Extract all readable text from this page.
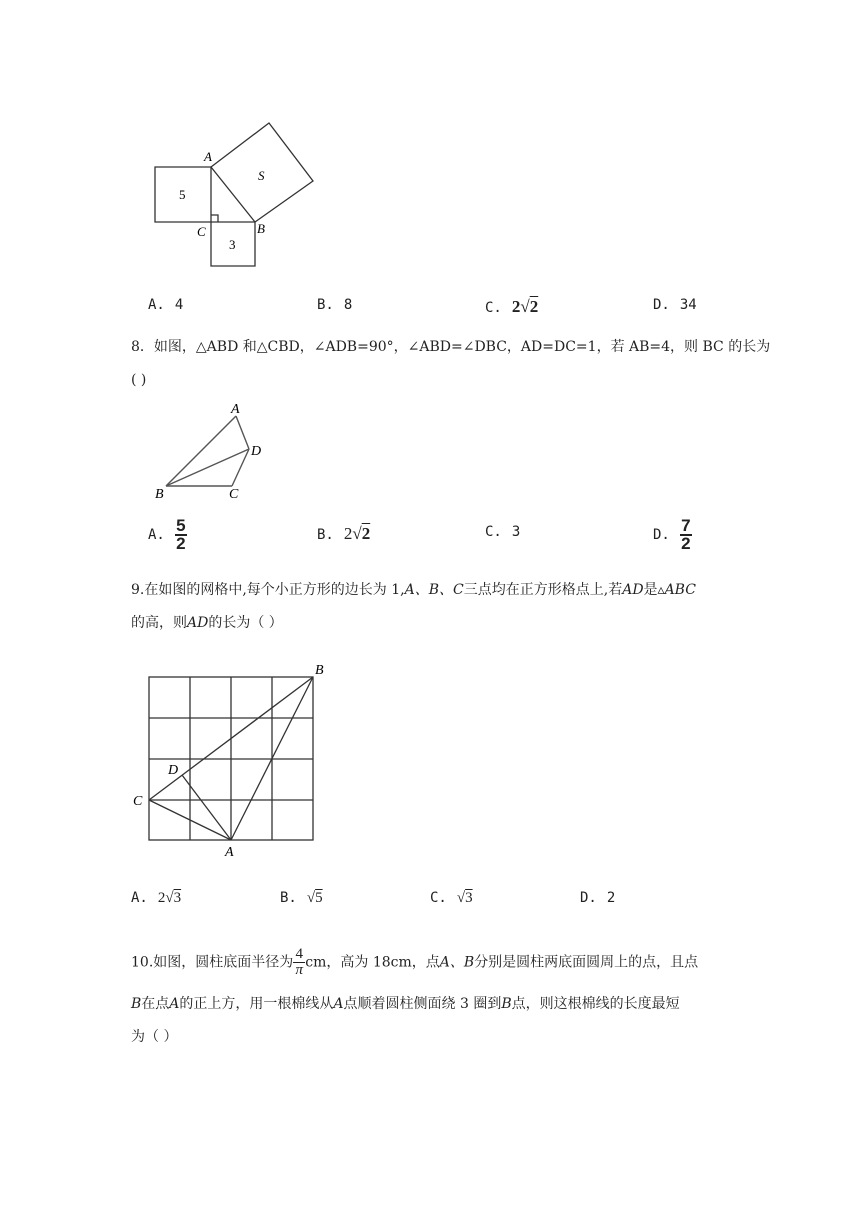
A
C	B
5
3
S
A. 4	B. 8	C. 2√2	D. 34
8．如图，△ABD 和△CBD，∠ADB=90°，∠ABD=∠DBC，AD=DC=1，若 AB=4，则 BC 的长为
( )
A
D
B	C
A. $\frac{5}{2}$	B. 2√2	C. 3	D. $\frac{7}{2}$
9.在如图的网格中,每个小正方形的边长为 1,A、B、C三点均在正方形格点上,若AD是▵ABC
的高，则AD的长为（ ）
B
D
C
A
A. 2√3	B. √5	C. √3	D. 2
10.如图，圆柱底面半径为 $\frac{4}{\pi}$ cm，高为 18cm，点A、B分别是圆柱两底面圆周上的点，且点
B在点A的正上方，用一根棉线从A点顺着圆柱侧面绕 3 圈到B点，则这根棉线的长度最短
为（ ）
